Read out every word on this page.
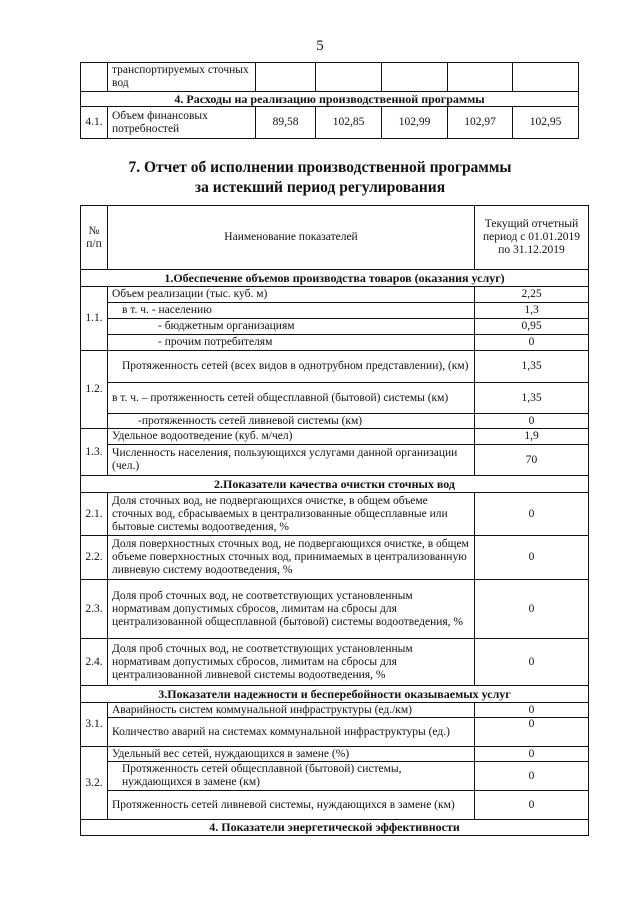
5
	транспортируемых сточных вод					
4. Расходы на реализацию производственной программы						
4.1.	Объем финансовых потребностей	89,58	102,85	102,99	102,97	102,95
7. Отчет об исполнении производственной программы
за истекший период регулирования
№ п/п	Наименование показателей	Текущий отчетный период с 01.01.2019 по 31.12.2019
1.Обеспечение объемов производства товаров (оказания услуг)		
1.1.	Объем реализации (тыс. куб. м)	2,25
	в т. ч. - населению	1,3
	- бюджетным организациям	0,95
	- прочим потребителям	0
1.2.	Протяженность сетей (всех видов в однотрубном представлении), (км)	1,35
	в т. ч. – протяженность сетей общесплавной (бытовой) системы (км)	1,35
	-протяженность сетей ливневой системы (км)	0
1.3.	Удельное водоотведение (куб. м/чел)	1,9
	Численность населения, пользующихся услугами данной организации (чел.)	70
2.Показатели качества очистки сточных вод		
2.1.	Доля сточных вод, не подвергающихся очистке, в общем объеме сточных вод, сбрасываемых в централизованные общесплавные или бытовые системы водоотведения, %	0
2.2.	Доля поверхностных сточных вод, не подвергающихся очистке, в общем объеме поверхностных сточных вод, принимаемых в централизованную ливневую систему водоотведения, %	0
2.3.	Доля проб сточных вод, не соответствующих установленным нормативам допустимых сбросов, лимитам на сбросы для централизованной общесплавной (бытовой) системы водоотведения, %	0
2.4.	Доля проб сточных вод, не соответствующих установленным нормативам допустимых сбросов, лимитам на сбросы для централизованной ливневой системы водоотведения, %	0
3.Показатели надежности и бесперебойности оказываемых услуг		
3.1.	Аварийность систем коммунальной инфраструктуры (ед./км)	0
	Количество аварий на системах коммунальной инфраструктуры (ед.)	0
3.2.	Удельный вес сетей, нуждающихся в замене (%)	0
	Протяженность сетей общесплавной (бытовой) системы, нуждающихся в замене (км)	0
	Протяженность сетей ливневой системы, нуждающихся в замене (км)	0
4. Показатели энергетической эффективности		
